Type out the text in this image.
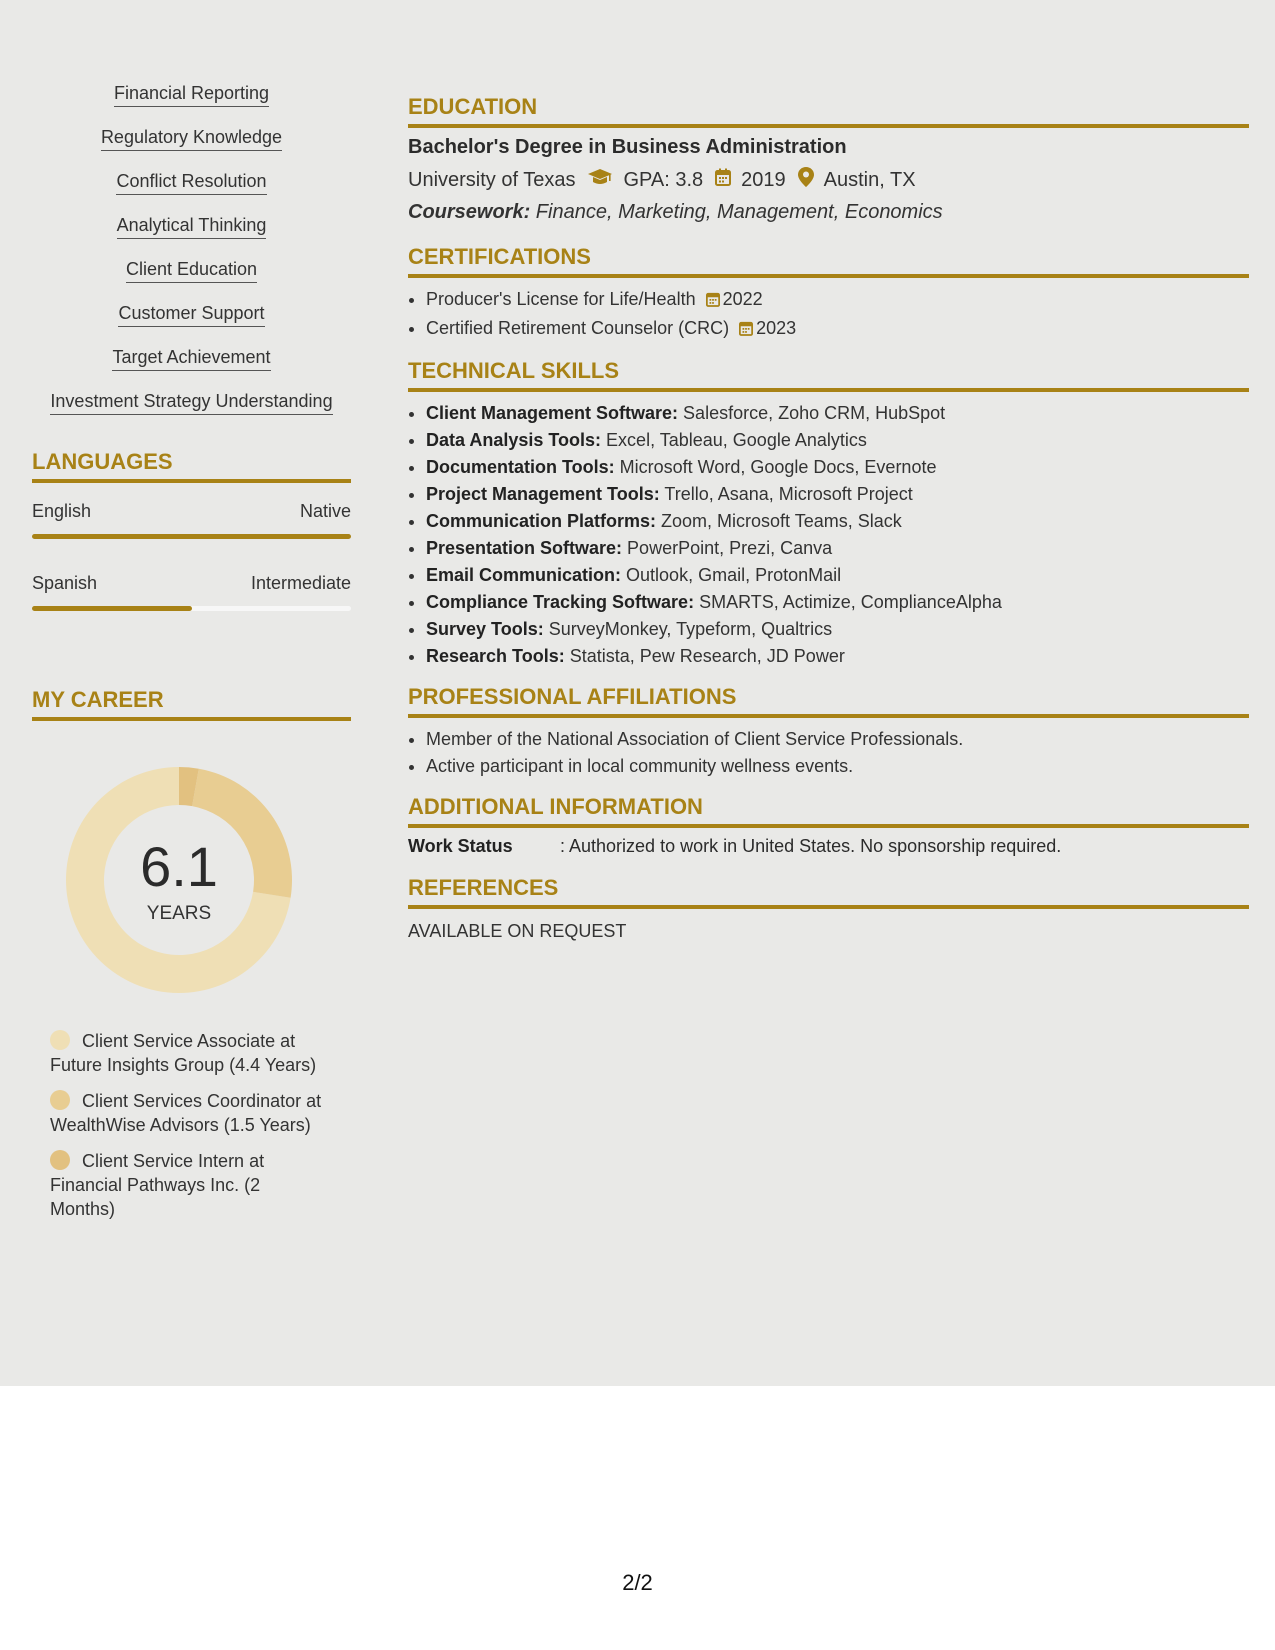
Financial Reporting
Regulatory Knowledge
Conflict Resolution
Analytical Thinking
Client Education
Customer Support
Target Achievement
Investment Strategy Understanding
LANGUAGES
English	Native
Spanish	Intermediate
MY CAREER
6.1
YEARS
Client Service Associate at Future Insights Group (4.4 Years)
Client Services Coordinator at WealthWise Advisors (1.5 Years)
Client Service Intern at Financial Pathways Inc. (2 Months)
EDUCATION
Bachelor's Degree in Business Administration
University of Texas GPA: 3.8 2019 Austin, TX
Coursework: Finance, Marketing, Management, Economics
CERTIFICATIONS
• Producer's License for Life/Health 2022
• Certified Retirement Counselor (CRC) 2023
TECHNICAL SKILLS
• Client Management Software: Salesforce, Zoho CRM, HubSpot
• Data Analysis Tools: Excel, Tableau, Google Analytics
• Documentation Tools: Microsoft Word, Google Docs, Evernote
• Project Management Tools: Trello, Asana, Microsoft Project
• Communication Platforms: Zoom, Microsoft Teams, Slack
• Presentation Software: PowerPoint, Prezi, Canva
• Email Communication: Outlook, Gmail, ProtonMail
• Compliance Tracking Software: SMARTS, Actimize, ComplianceAlpha
• Survey Tools: SurveyMonkey, Typeform, Qualtrics
• Research Tools: Statista, Pew Research, JD Power
PROFESSIONAL AFFILIATIONS
• Member of the National Association of Client Service Professionals.
• Active participant in local community wellness events.
ADDITIONAL INFORMATION
Work Status	: Authorized to work in United States. No sponsorship required.
REFERENCES
AVAILABLE ON REQUEST
2/2
